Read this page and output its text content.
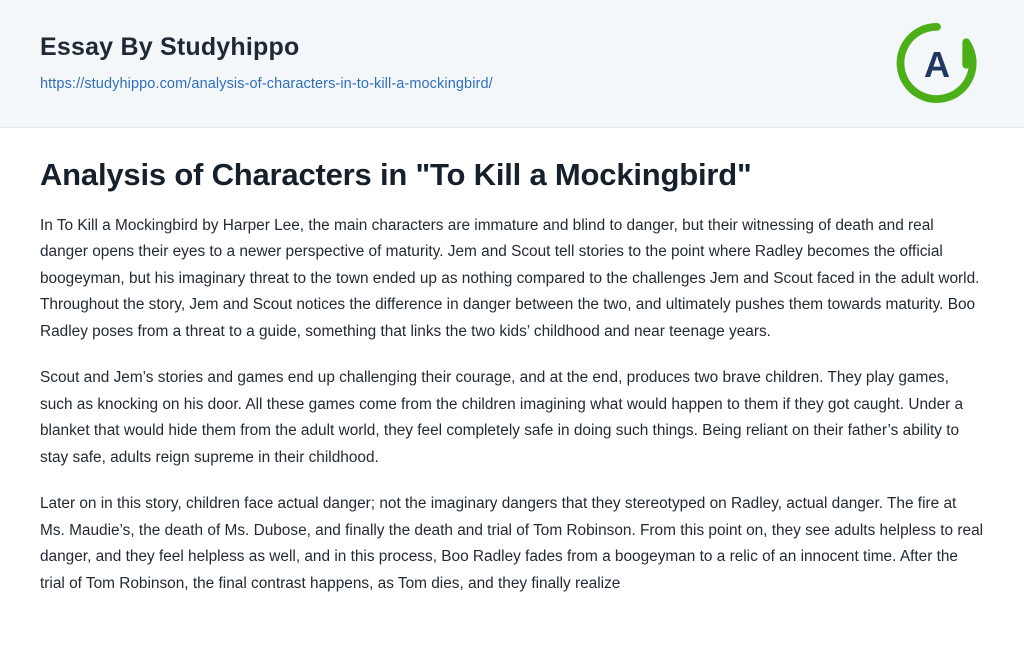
Essay By Studyhippo
https://studyhippo.com/analysis-of-characters-in-to-kill-a-mockingbird/	A
Analysis of Characters in "To Kill a Mockingbird"

In To Kill a Mockingbird by Harper Lee, the main characters are immature and blind to danger, but their witnessing of death and real danger opens their eyes to a newer perspective of maturity. Jem and Scout tell stories to the point where Radley becomes the official boogeyman, but his imaginary threat to the town ended up as nothing compared to the challenges Jem and Scout faced in the adult world. Throughout the story, Jem and Scout notices the difference in danger between the two, and ultimately pushes them towards maturity. Boo Radley poses from a threat to a guide, something that links the two kids’ childhood and near teenage years.

Scout and Jem’s stories and games end up challenging their courage, and at the end, produces two brave children. They play games, such as knocking on his door. All these games come from the children imagining what would happen to them if they got caught. Under a blanket that would hide them from the adult world, they feel completely safe in doing such things. Being reliant on their father’s ability to stay safe, adults reign supreme in their childhood.

Later on in this story, children face actual danger; not the imaginary dangers that they stereotyped on Radley, actual danger. The fire at Ms. Maudie’s, the death of Ms. Dubose, and finally the death and trial of Tom Robinson. From this point on, they see adults helpless to real danger, and they feel helpless as well, and in this process, Boo Radley fades from a boogeyman to a relic of an innocent time. After the trial of Tom Robinson, the final contrast happens, as Tom dies, and they finally realize
